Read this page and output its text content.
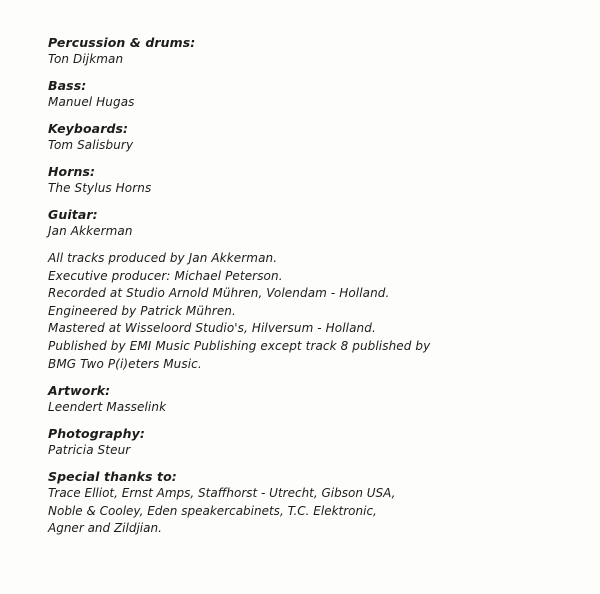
Percussion & drums:
Ton Dijkman
Bass:
Manuel Hugas
Keyboards:
Tom Salisbury
Horns:
The Stylus Horns
Guitar:
Jan Akkerman
All tracks produced by Jan Akkerman.
Executive producer: Michael Peterson.
Recorded at Studio Arnold Mühren, Volendam - Holland.
Engineered by Patrick Mühren.
Mastered at Wisseloord Studio's, Hilversum - Holland.
Published by EMI Music Publishing except track 8 published by
BMG Two P(i)eters Music.
Artwork:
Leendert Masselink
Photography:
Patricia Steur
Special thanks to:
Trace Elliot, Ernst Amps, Staffhorst - Utrecht, Gibson USA,
Noble & Cooley, Eden speakercabinets, T.C. Elektronic,
Agner and Zildjian.
